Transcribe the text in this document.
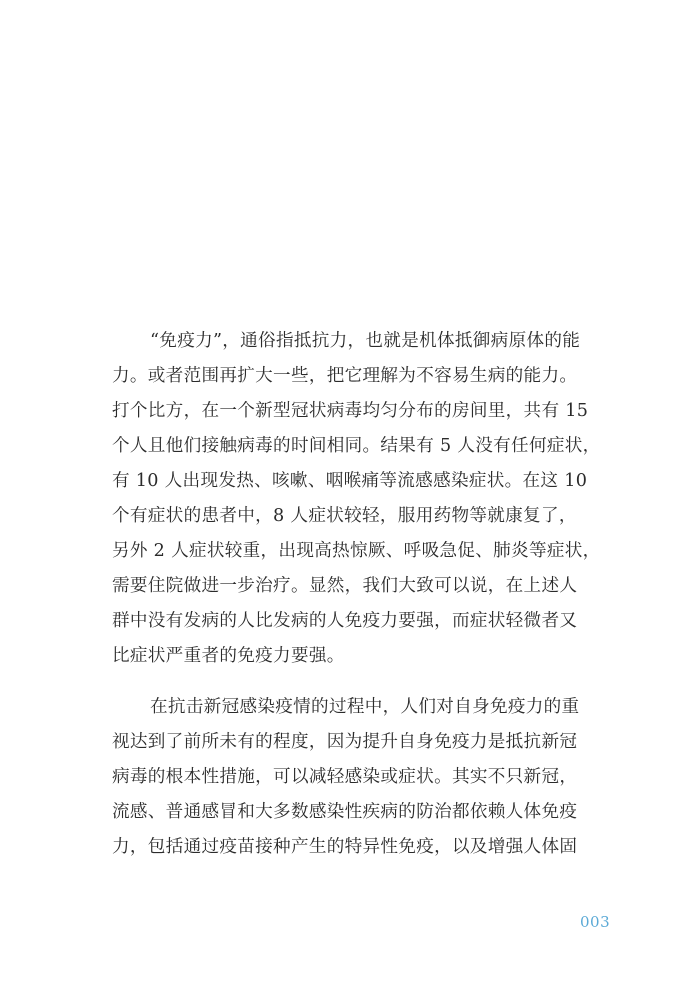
“免疫力”，通俗指抵抗力，也就是机体抵御病原体的能
力。或者范围再扩大一些，把它理解为不容易生病的能力。
打个比方，在一个新型冠状病毒均匀分布的房间里，共有 15
个人且他们接触病毒的时间相同。结果有 5 人没有任何症状，
有 10 人出现发热、咳嗽、咽喉痛等流感感染症状。在这 10
个有症状的患者中，8 人症状较轻，服用药物等就康复了，
另外 2 人症状较重，出现高热惊厥、呼吸急促、肺炎等症状，
需要住院做进一步治疗。显然，我们大致可以说，在上述人
群中没有发病的人比发病的人免疫力要强，而症状轻微者又
比症状严重者的免疫力要强。

在抗击新冠感染疫情的过程中，人们对自身免疫力的重
视达到了前所未有的程度，因为提升自身免疫力是抵抗新冠
病毒的根本性措施，可以减轻感染或症状。其实不只新冠，
流感、普通感冒和大多数感染性疾病的防治都依赖人体免疫
力，包括通过疫苗接种产生的特异性免疫，以及增强人体固

003
